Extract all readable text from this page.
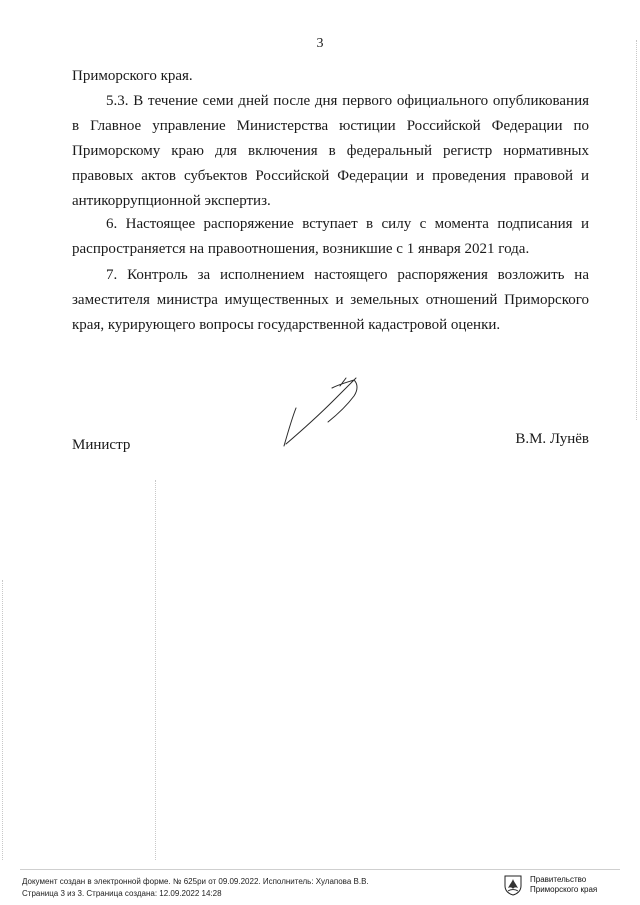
3

Приморского края.

5.3. В течение семи дней после дня первого официального опубликования в Главное управление Министерства юстиции Российской Федерации по Приморскому краю для включения в федеральный регистр нормативных правовых актов субъектов Российской Федерации и проведения правовой и антикоррупционной экспертиз.

6. Настоящее распоряжение вступает в силу с момента подписания и распространяется на правоотношения, возникшие с 1 января 2021 года.

7. Контроль за исполнением настоящего распоряжения возложить на заместителя министра имущественных и земельных отношений Приморского края, курирующего вопросы государственной кадастровой оценки.

Министр	В.М. Лунёв
Документ создан в электронной форме. № 625ри от 09.09.2022. Исполнитель: Хулапова В.В.
Страница 3 из 3. Страница создана: 12.09.2022 14:28
Правительство
Приморского края
